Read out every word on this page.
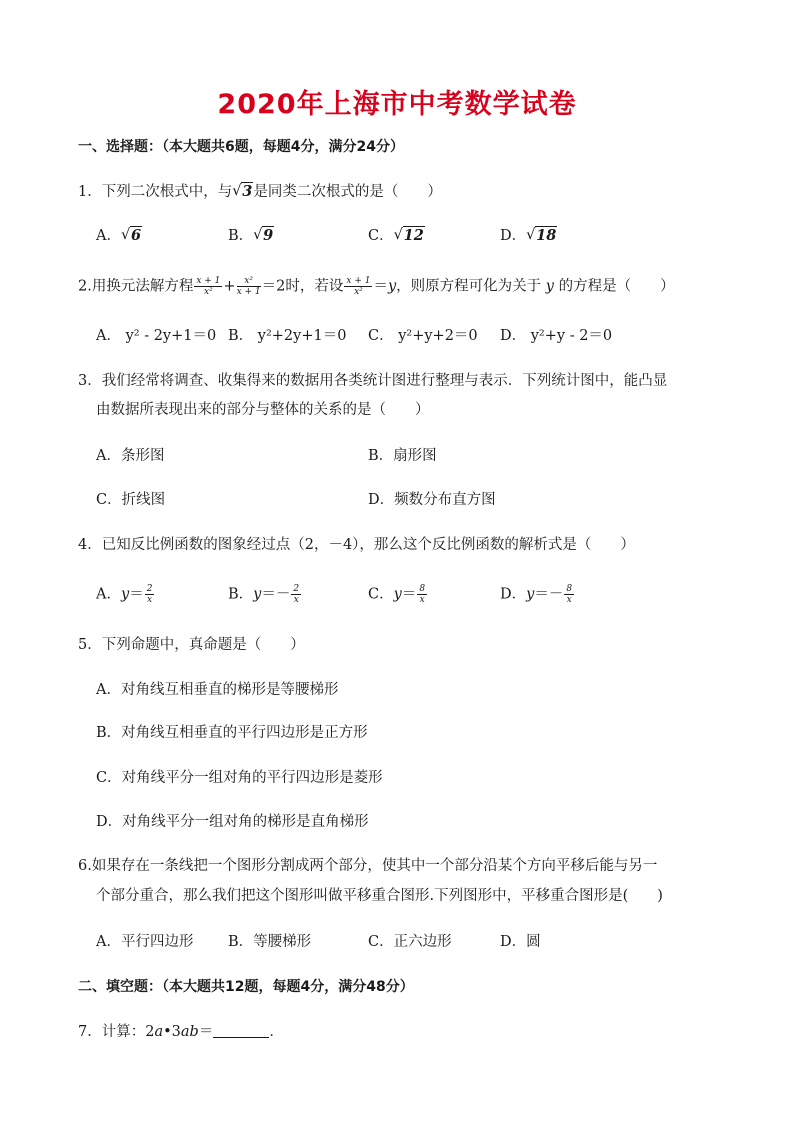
2020年上海市中考数学试卷
一、选择题：（本大题共6题，每题4分，满分24分）
1．下列二次根式中，与 √ 3是同类二次根式的是（　　）
A． √ 6	B． √ 9	C． √ 12	D． √ 18
2.用换元法解方程 $\frac{x + 1}{\text{x²}} + \frac{\text{x²}}{x + 1} =2$时，若设 $\frac{x + 1}{\text{x²}} =y$，则原方程可化为关于 y 的方程是（　　）
A． y² - 2y+1＝0 B． y²+2y+1＝0 C． y²+y+2＝0 D． y²+y - 2＝0
3．我们经常将调查、收集得来的数据用各类统计图进行整理与表示．下列统计图中，能凸显
由数据所表现出来的部分与整体的关系的是（　　）
A．条形图	B．扇形图
C．折线图	D．频数分布直方图
4．已知反比例函数的图象经过点（2，－4），那么这个反比例函数的解析式是（　　）
A．$y= \frac{2}{x}$	B．$y=- \frac{2}{x}$	C．$y= \frac{8}{x}$	D．$y=- \frac{8}{x}$
5．下列命题中，真命题是（　　）
A．对角线互相垂直的梯形是等腰梯形
B．对角线互相垂直的平行四边形是正方形
C．对角线平分一组对角的平行四边形是菱形
D．对角线平分一组对角的梯形是直角梯形
6.如果存在一条线把一个图形分割成两个部分，使其中一个部分沿某个方向平移后能与另一
个部分重合，那么我们把这个图形叫做平移重合图形.下列图形中，平移重合图形是(　　)
A．平行四边形 B．等腰梯形	C．正六边形	D．圆
二、填空题：（本大题共12题，每题4分，满分48分）
7．计算：2a•3ab＝	．
